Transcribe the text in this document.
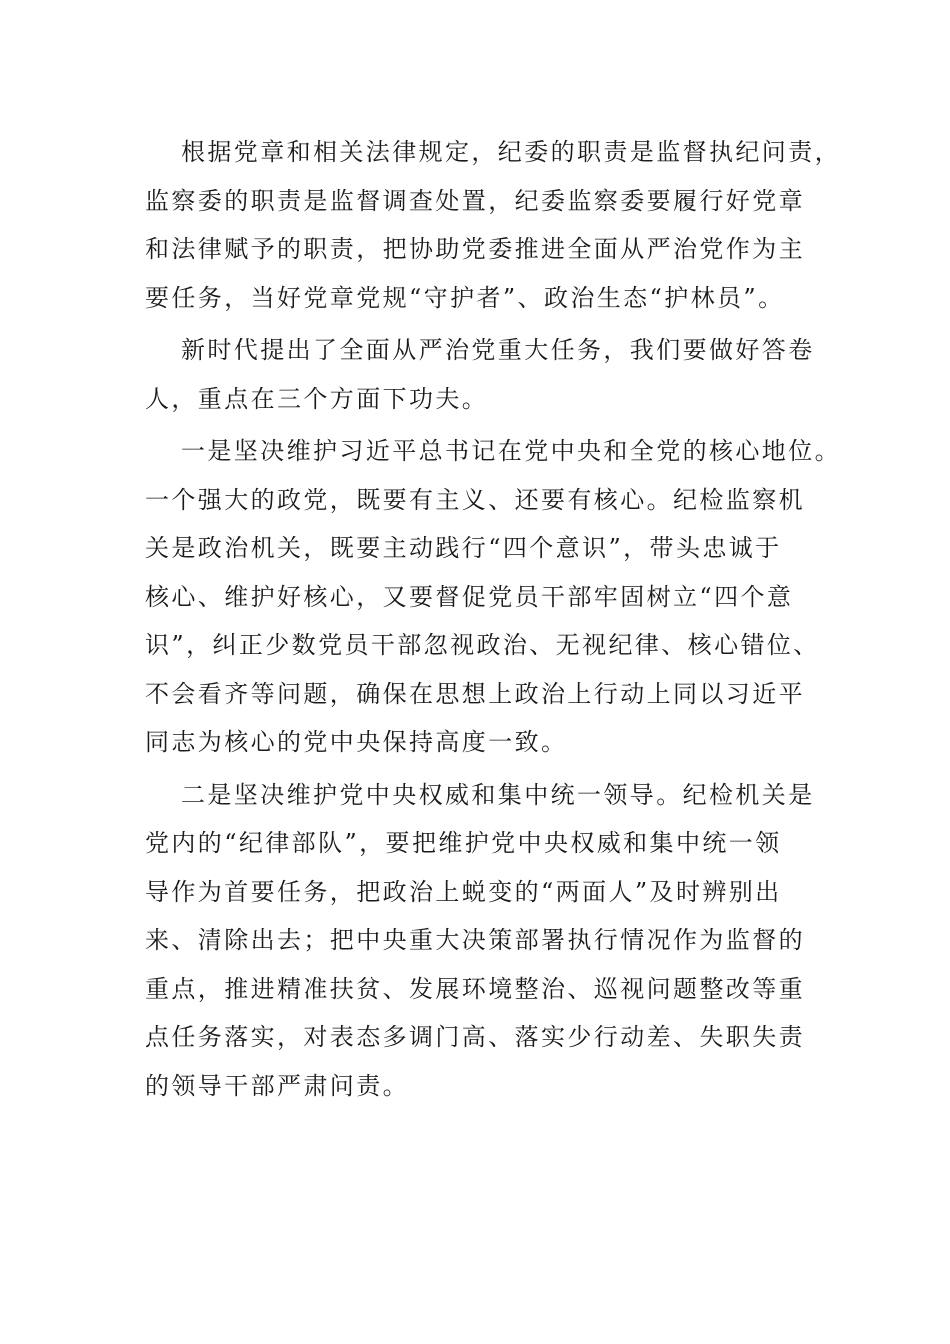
根据党章和相关法律规定，纪委的职责是监督执纪问责，
监察委的职责是监督调查处置，纪委监察委要履行好党章
和法律赋予的职责，把协助党委推进全面从严治党作为主
要任务，当好党章党规“守护者”、政治生态“护林员”。
新时代提出了全面从严治党重大任务，我们要做好答卷
人，重点在三个方面下功夫。
一是坚决维护习近平总书记在党中央和全党的核心地位。
一个强大的政党，既要有主义、还要有核心。纪检监察机
关是政治机关，既要主动践行“四个意识”，带头忠诚于
核心、维护好核心，又要督促党员干部牢固树立“四个意
识”，纠正少数党员干部忽视政治、无视纪律、核心错位、
不会看齐等问题，确保在思想上政治上行动上同以习近平
同志为核心的党中央保持高度一致。
二是坚决维护党中央权威和集中统一领导。纪检机关是
党内的“纪律部队”，要把维护党中央权威和集中统一领
导作为首要任务，把政治上蜕变的“两面人”及时辨别出
来、清除出去；把中央重大决策部署执行情况作为监督的
重点，推进精准扶贫、发展环境整治、巡视问题整改等重
点任务落实，对表态多调门高、落实少行动差、失职失责
的领导干部严肃问责。
